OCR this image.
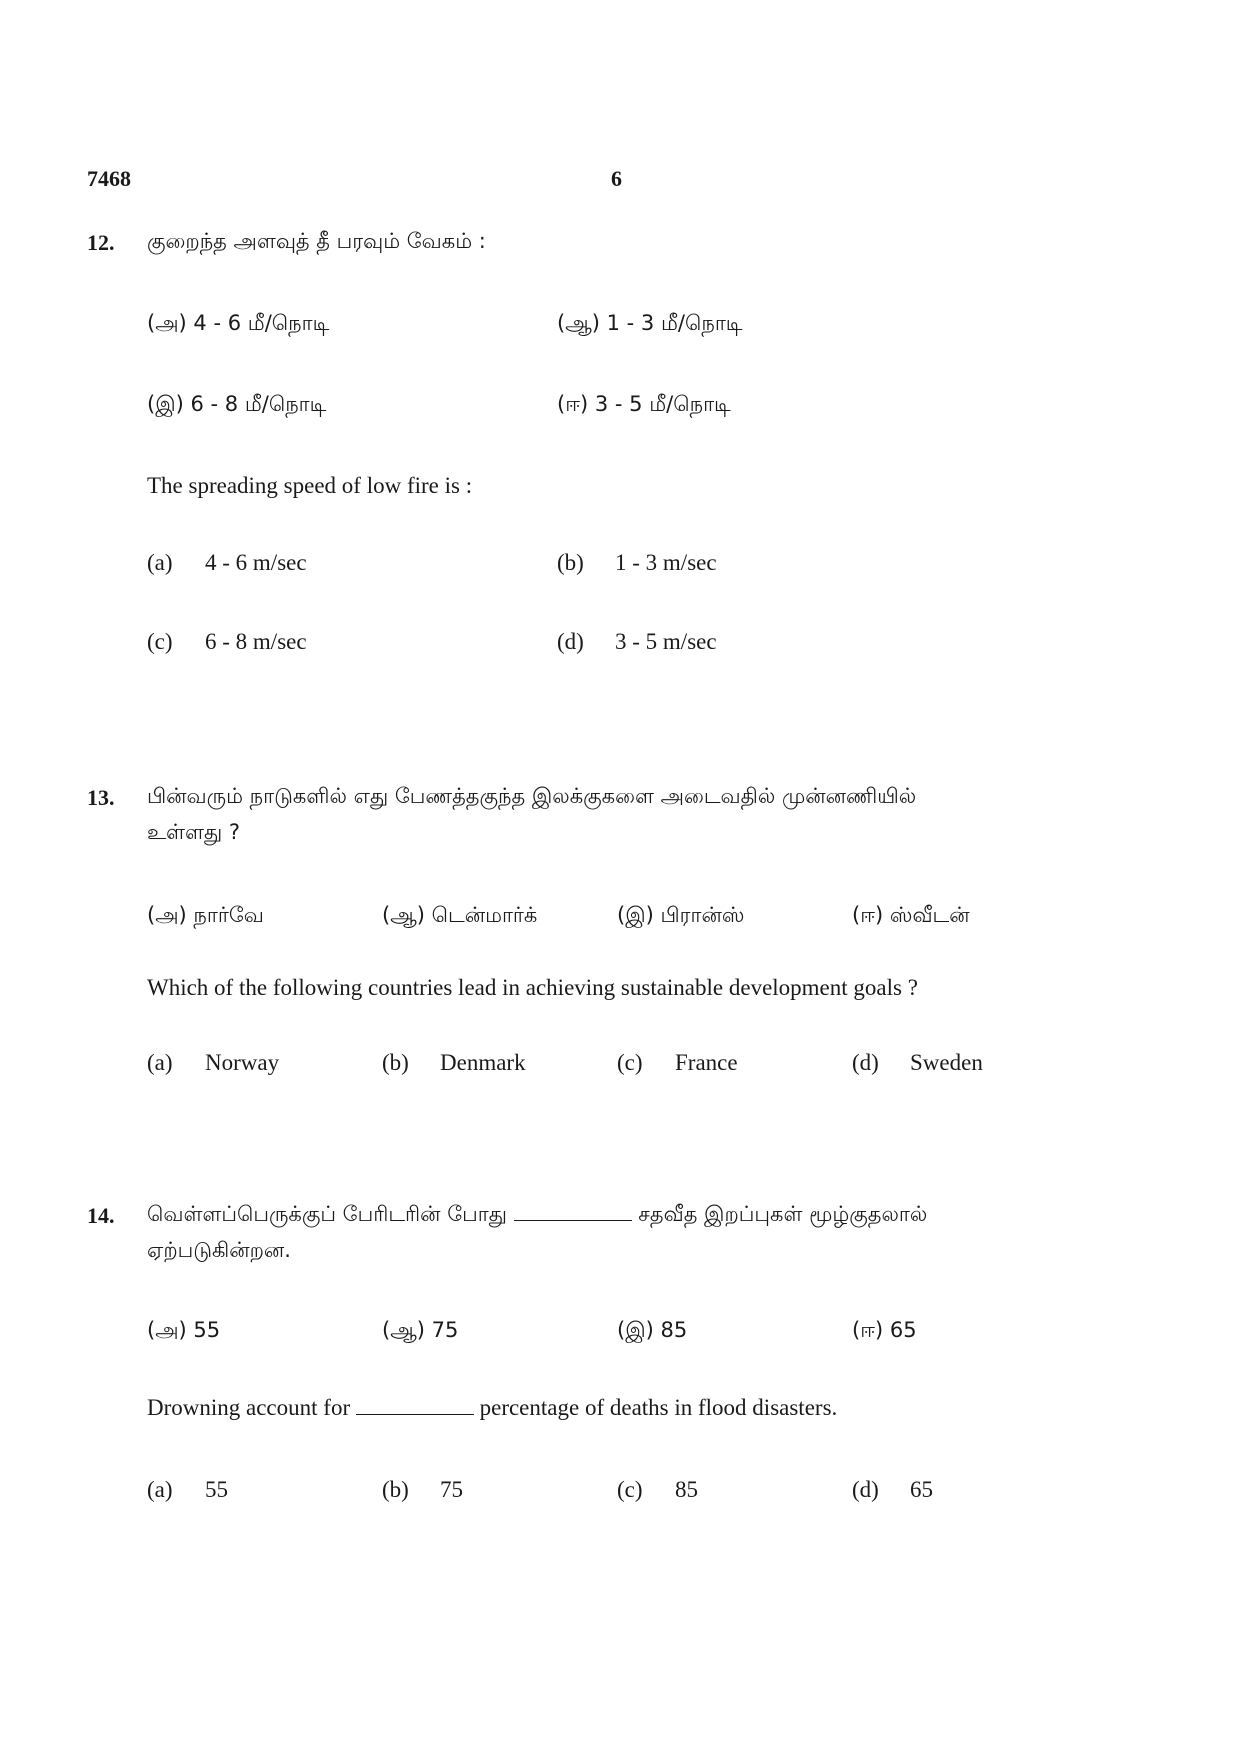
7468	6
12. குறைந்த அளவுத் தீ பரவும் வேகம் :
(அ) 4 - 6 மீ/நொடி	(ஆ) 1 - 3 மீ/நொடி
(இ) 6 - 8 மீ/நொடி	(ஈ) 3 - 5 மீ/நொடி
The spreading speed of low fire is :
(a) 4 - 6 m/sec	(b) 1 - 3 m/sec
(c) 6 - 8 m/sec	(d) 3 - 5 m/sec
13. பின்வரும் நாடுகளில் எது பேணத்தகுந்த இலக்குகளை அடைவதில் முன்னணியில்
உள்ளது ?
(அ) நார்வே	(ஆ) டென்மார்க்	(இ) பிரான்ஸ்	(ஈ) ஸ்வீடன்
Which of the following countries lead in achieving sustainable development goals ?
(a) Norway	(b) Denmark	(c) France	(d) Sweden
14. வெள்ளப்பெருக்குப் பேரிடரின் போது	சதவீத இறப்புகள் மூழ்குதலால்
ஏற்படுகின்றன.
(அ) 55	(ஆ) 75	(இ) 85	(ஈ) 65
Drowning account for	percentage of deaths in flood disasters.
(a) 55	(b) 75	(c) 85	(d) 65
